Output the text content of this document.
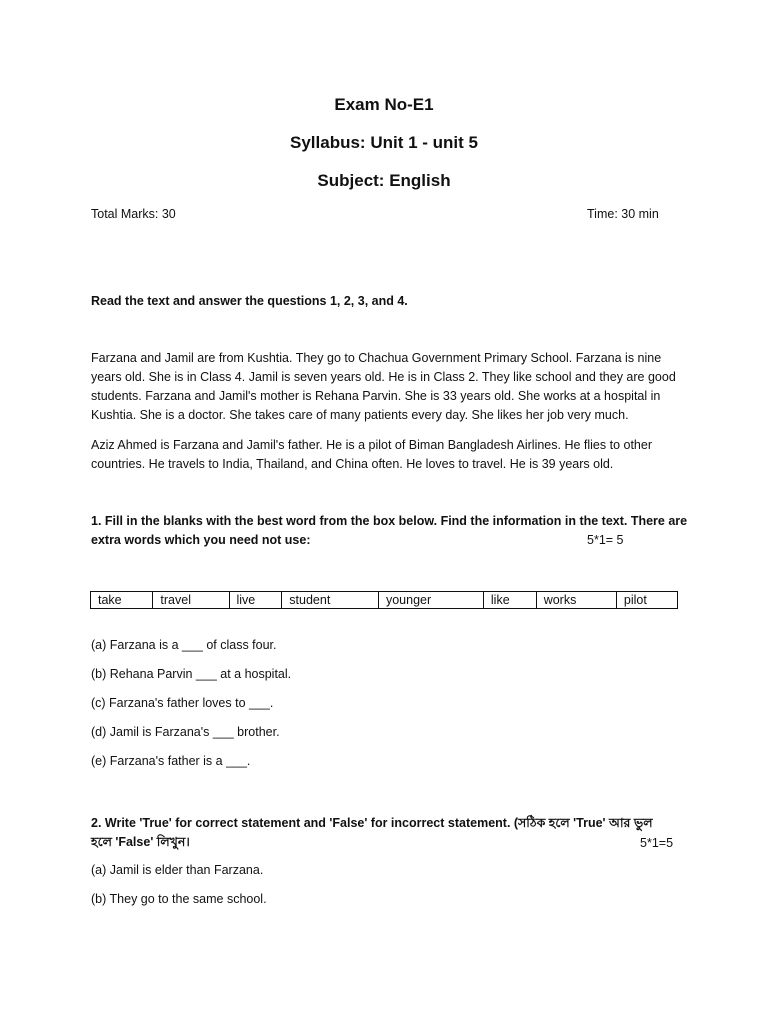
Exam No-E1
Syllabus: Unit 1 - unit 5
Subject: English
Total Marks: 30	Time: 30 min
Read the text and answer the questions 1, 2, 3, and 4.

Farzana and Jamil are from Kushtia. They go to Chachua Government Primary School. Farzana is nine

years old. She is in Class 4. Jamil is seven years old. He is in Class 2. They like school and they are good

students. Farzana and Jamil's mother is Rehana Parvin. She is 33 years old. She works at a hospital in

Kushtia. She is a doctor. She takes care of many patients every day. She likes her job very much.

Aziz Ahmed is Farzana and Jamil's father. He is a pilot of Biman Bangladesh Airlines. He flies to other

countries. He travels to India, Thailand, and China often. He loves to travel. He is 39 years old.

1. Fill in the blanks with the best word from the box below. Find the information in the text. There are
extra words which you need not use:	5*1= 5
take	travel	live	student	younger	like	works	pilot
(a) Farzana is a ___ of class four.
(b) Rehana Parvin ___ at a hospital.
(c) Farzana's father loves to ___.
(d) Jamil is Farzana's ___ brother.
(e) Farzana's father is a ___.
2. Write 'True' for correct statement and 'False' for incorrect statement. (সঠিক হলে 'True' আর ভুল
হলে 'False' লিখুন।	5*1=5
(a) Jamil is elder than Farzana.
(b) They go to the same school.
